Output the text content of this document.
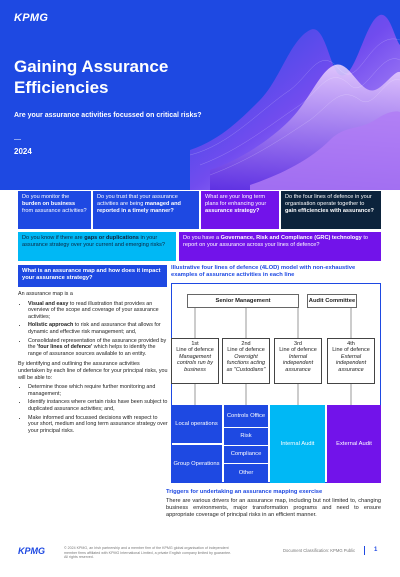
KPMG
Gaining Assurance
Efficiencies
Are your assurance activities focussed on critical risks?
—
2024
Do you monitor the burden on business from assurance activities?
Do you trust that your assurance activities are being managed and reported in a timely manner?
What are your long term plans for enhancing your assurance strategy?
Do the four lines of defence in your organisation operate together to gain efficiencies with assurance?
Do you know if there are gaps or duplications in your assurance strategy over your current and emerging risks?
Do you have a Governance, Risk and Compliance (GRC) technology to report on your assurance across your lines of defence?
What is an assurance map and how does it impact your assurance strategy?

An assurance map is a

• Visual and easy to read illustration that provides an overview of the scope and coverage of your assurance activities;
• Holistic approach to risk and assurance that allows for dynamic and effective risk management; and,
• Consolidated representation of the assurance provided by the 'four lines of defence' which helps to identify the range of assurance sources available to an entity.

By identifying and outlining the assurance activities undertaken by each line of defence for your principal risks, you will be able to:

• Determine those which require further monitoring and management;
• Identify instances where certain risks have been subject to duplicated assurance activities; and,
• Make informed and focussed decisions with respect to your short, medium and long term assurance strategy over your principal risks.
Illustrative four lines of defence (4LOD) model with non-exhaustive examples of assurance activities in each line
Senior Management	Audit Committee
1st
Line of defence
Management controls run by business
2nd
Line of defence
Oversight functions acting as "Custodians"
3rd
Line of defence
Internal independent assurance
4th
Line of defence
External independent assurance
Local operations
Group Operations
Controls Office
Risk
Compliance
Other
Internal Audit	External Audit
Triggers for undertaking an assurance mapping exercise
There are various drivers for an assurance map, including but not limited to, changing business environments, major transformation programs and need to ensure appropriate coverage of principal risks in an efficient manner.
KPMG	© 2024 KPMG, an Irish partnership and a member firm of the KPMG global organisation of independent member firms affiliated with KPMG International Limited, a private English company limited by guarantee. All rights reserved.
Document Classification: KPMG Public	1
